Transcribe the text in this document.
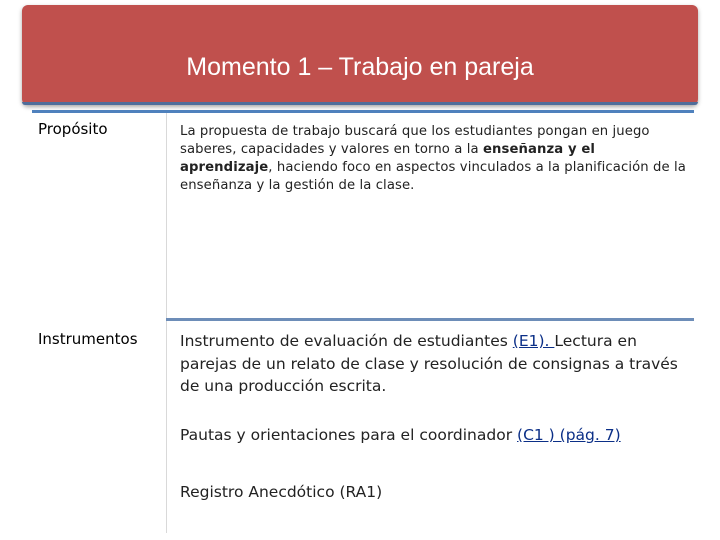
Momento 1 – Trabajo en pareja
Propósito	La propuesta de trabajo buscará que los estudiantes pongan en juego saberes, capacidades y valores en torno a la enseñanza y el aprendizaje, haciendo foco en aspectos vinculados a la planificación de la enseñanza y la gestión de la clase.
Instrumentos	Instrumento de evaluación de estudiantes (E1). Lectura en parejas de un relato de clase y resolución de consignas a través de una producción escrita.
Pautas y orientaciones para el coordinador (C1 ) (pág. 7)
Registro Anecdótico (RA1)
